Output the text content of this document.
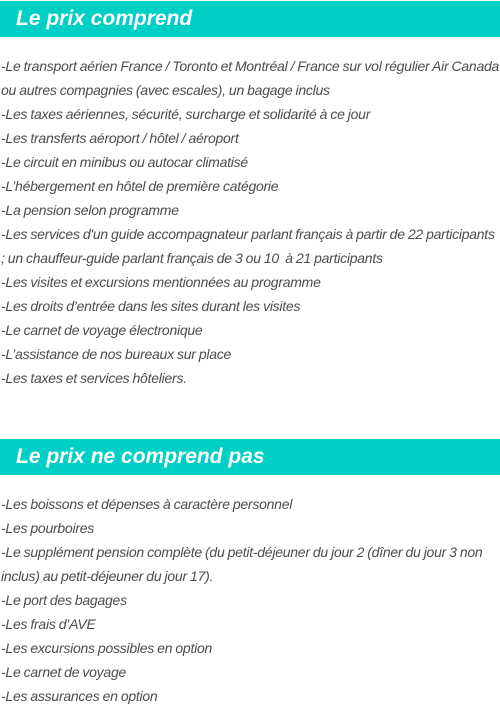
Le prix comprend
-Le transport aérien France / Toronto et Montréal / France sur vol régulier Air Canada ou autres compagnies (avec escales), un bagage inclus
-Les taxes aériennes, sécurité, surcharge et solidarité à ce jour
-Les transferts aéroport / hôtel / aéroport
-Le circuit en minibus ou autocar climatisé
-L’hébergement en hôtel de première catégorie
-La pension selon programme
-Les services d'un guide accompagnateur parlant français à partir de 22 participants ; un chauffeur-guide parlant français de 3 ou 10  à 21 participants
-Les visites et excursions mentionnées au programme
-Les droits d’entrée dans les sites durant les visites
-Le carnet de voyage électronique
-L’assistance de nos bureaux sur place
-Les taxes et services hôteliers.
Le prix ne comprend pas
-Les boissons et dépenses à caractère personnel
-Les pourboires
-Le supplément pension complète (du petit-déjeuner du jour 2 (dîner du jour 3 non inclus) au petit-déjeuner du jour 17).
-Le port des bagages
-Les frais d’AVE
-Les excursions possibles en option
-Le carnet de voyage
-Les assurances en option
